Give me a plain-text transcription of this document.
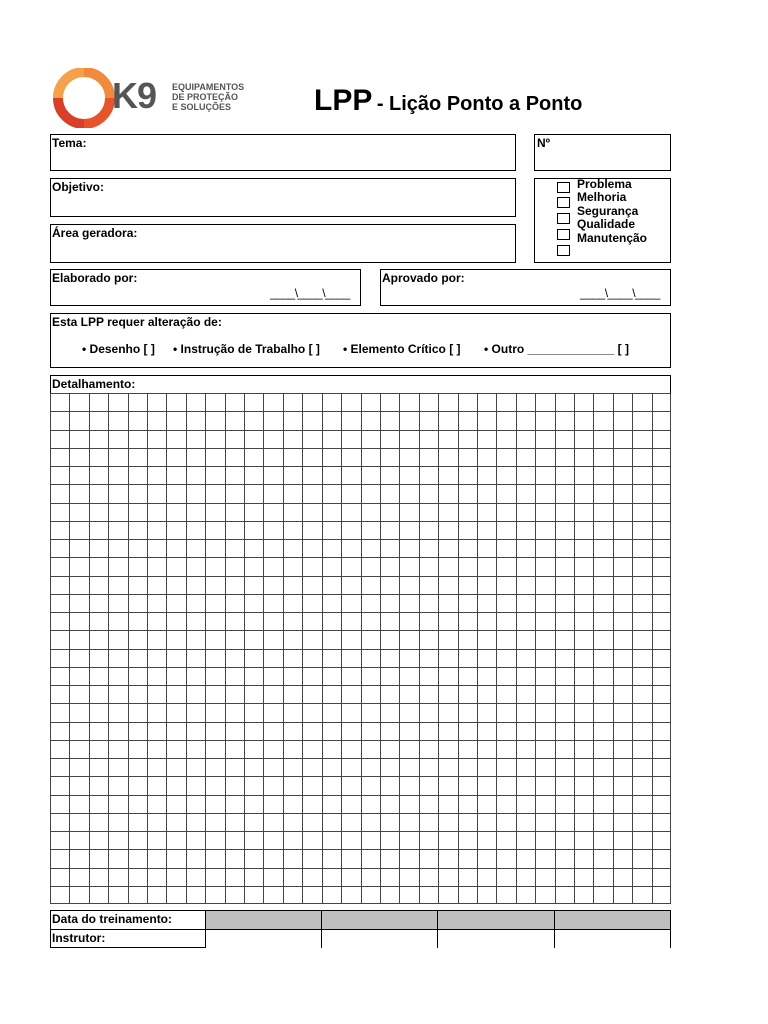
K9 EQUIPAMENTOS
DE PROTEÇÃO
E SOLUÇÕES	LPP - Lição Ponto a Ponto
Tema:	Nº
Objetivo:
Área geradora:
Problema
Melhoria
Segurança
Qualidade
Manutenção
Elaborado por:
____\____\____
Aprovado por:
____\____\____
Esta LPP requer alteração de:
• Desenho [ ] • Instrução de Trabalho [ ] • Elemento Crítico [ ] • Outro _____________ [ ]
Detalhamento:
Data do treinamento:
Instrutor:
